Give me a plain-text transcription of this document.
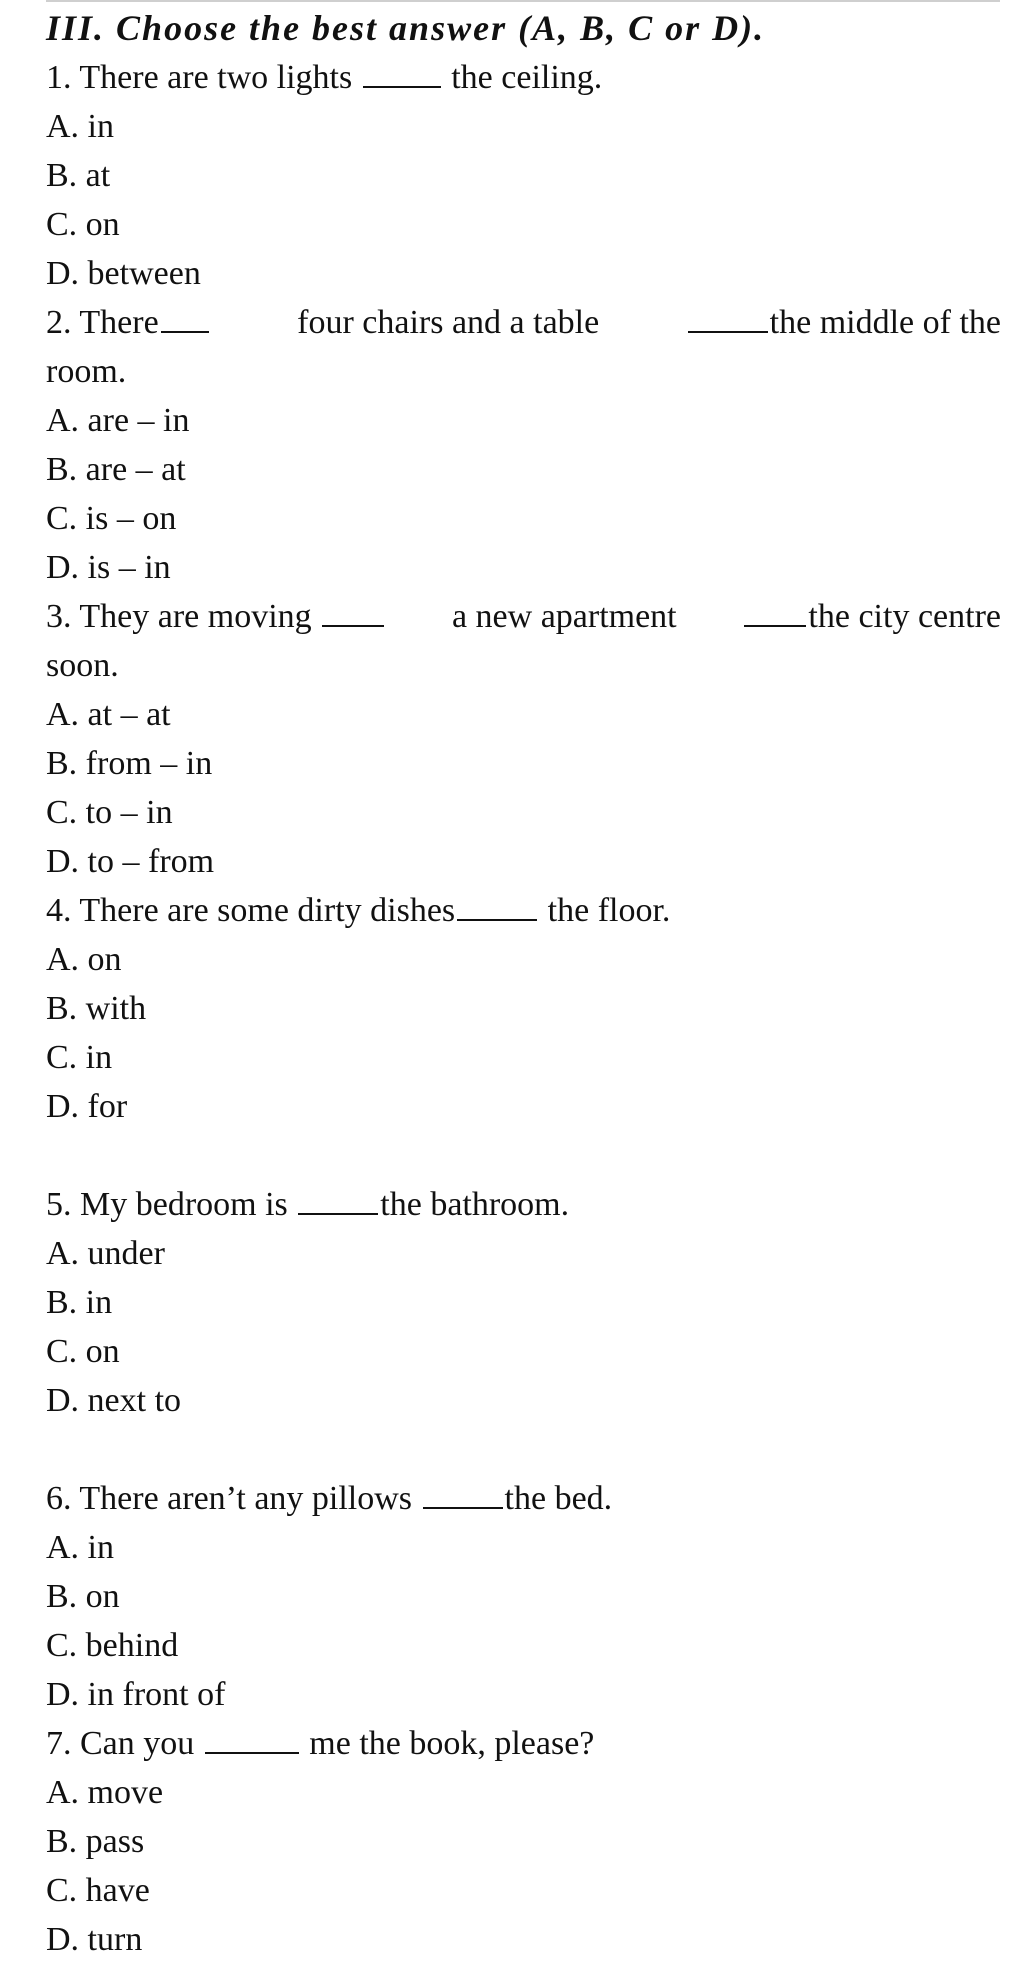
III. Choose the best answer (A, B, C or D).
1. There are two lights  the ceiling.
A. in
B. at
C. on
D. between
2. There	four chairs and a table	the middle of the
room.
A. are – in
B. are – at
C. is – on
D. is – in
3. They are moving	a new apartment	the city centre
soon.
A. at – at
B. from – in
C. to – in
D. to – from
4. There are some dirty dishes the floor.
A. on
B. with
C. in
D. for
5. My bedroom is the bathroom.
A. under
B. in
C. on
D. next to
6. There aren’t any pillows the bed.
A. in
B. on
C. behind
D. in front of
7. Can you	me the book, please?
A. move
B. pass
C. have
D. turn
